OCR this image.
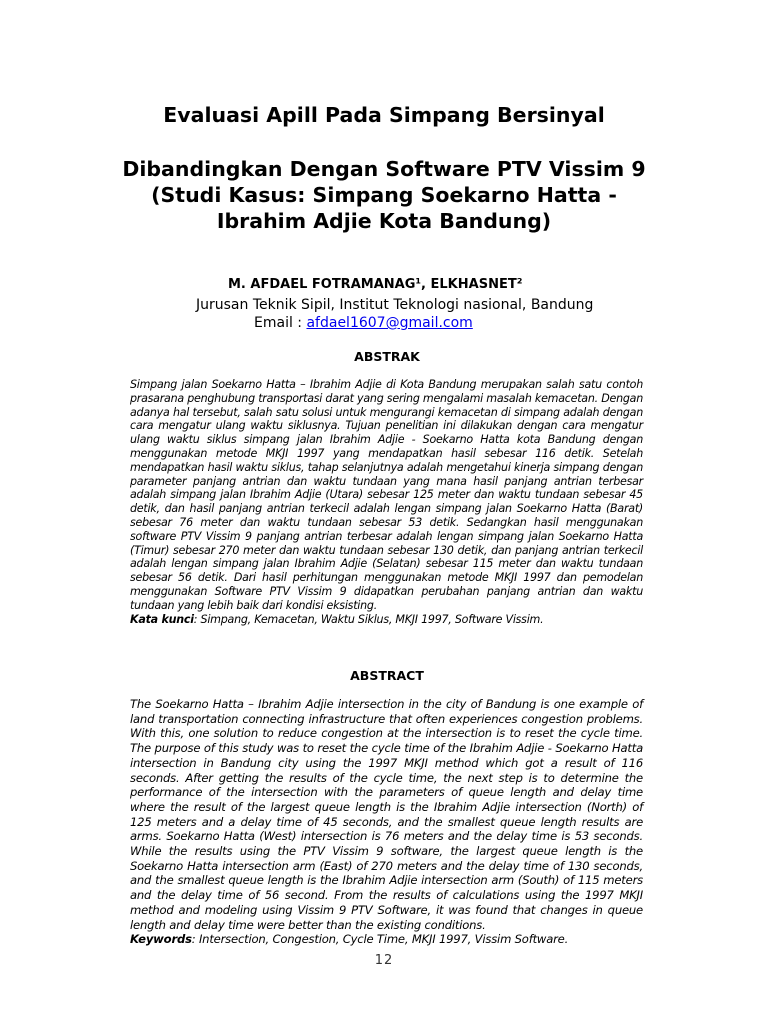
Evaluasi Apill Pada Simpang Bersinyal
Dibandingkan Dengan Software PTV Vissim 9 (Studi Kasus: Simpang Soekarno Hatta - Ibrahim Adjie Kota Bandung)
M. AFDAEL FOTRAMANAG¹, ELKHASNET²
Jurusan Teknik Sipil, Institut Teknologi nasional, Bandung
Email : afdael1607@gmail.com
ABSTRAK
Simpang jalan Soekarno Hatta – Ibrahim Adjie di Kota Bandung merupakan salah satu contoh prasarana penghubung transportasi darat yang sering mengalami masalah kemacetan. Dengan adanya hal tersebut, salah satu solusi untuk mengurangi kemacetan di simpang adalah dengan cara mengatur ulang waktu siklusnya. Tujuan penelitian ini dilakukan dengan cara mengatur ulang waktu siklus simpang jalan Ibrahim Adjie - Soekarno Hatta kota Bandung dengan menggunakan metode MKJI 1997 yang mendapatkan hasil sebesar 116 detik. Setelah mendapatkan hasil waktu siklus, tahap selanjutnya adalah mengetahui kinerja simpang dengan parameter panjang antrian dan waktu tundaan yang mana hasil panjang antrian terbesar adalah simpang jalan Ibrahim Adjie (Utara) sebesar 125 meter dan waktu tundaan sebesar 45 detik, dan hasil panjang antrian terkecil adalah lengan simpang jalan Soekarno Hatta (Barat) sebesar 76 meter dan waktu tundaan sebesar 53 detik. Sedangkan hasil menggunakan software PTV Vissim 9 panjang antrian terbesar adalah lengan simpang jalan Soekarno Hatta (Timur) sebesar 270 meter dan waktu tundaan sebesar 130 detik, dan panjang antrian terkecil adalah lengan simpang jalan Ibrahim Adjie (Selatan) sebesar 115 meter dan waktu tundaan sebesar 56 detik. Dari hasil perhitungan menggunakan metode MKJI 1997 dan pemodelan menggunakan Software PTV Vissim 9 didapatkan perubahan panjang antrian dan waktu tundaan yang lebih baik dari kondisi eksisting.
Kata kunci: Simpang, Kemacetan, Waktu Siklus, MKJI 1997, Software Vissim.
ABSTRACT
The Soekarno Hatta – Ibrahim Adjie intersection in the city of Bandung is one example of land transportation connecting infrastructure that often experiences congestion problems. With this, one solution to reduce congestion at the intersection is to reset the cycle time. The purpose of this study was to reset the cycle time of the Ibrahim Adjie - Soekarno Hatta intersection in Bandung city using the 1997 MKJI method which got a result of 116 seconds. After getting the results of the cycle time, the next step is to determine the performance of the intersection with the parameters of queue length and delay time where the result of the largest queue length is the Ibrahim Adjie intersection (North) of 125 meters and a delay time of 45 seconds, and the smallest queue length results are arms. Soekarno Hatta (West) intersection is 76 meters and the delay time is 53 seconds. While the results using the PTV Vissim 9 software, the largest queue length is the Soekarno Hatta intersection arm (East) of 270 meters and the delay time of 130 seconds, and the smallest queue length is the Ibrahim Adjie intersection arm (South) of 115 meters and the delay time of 56 second. From the results of calculations using the 1997 MKJI method and modeling using Vissim 9 PTV Software, it was found that changes in queue length and delay time were better than the existing conditions.
Keywords: Intersection, Congestion, Cycle Time, MKJI 1997, Vissim Software.
12
